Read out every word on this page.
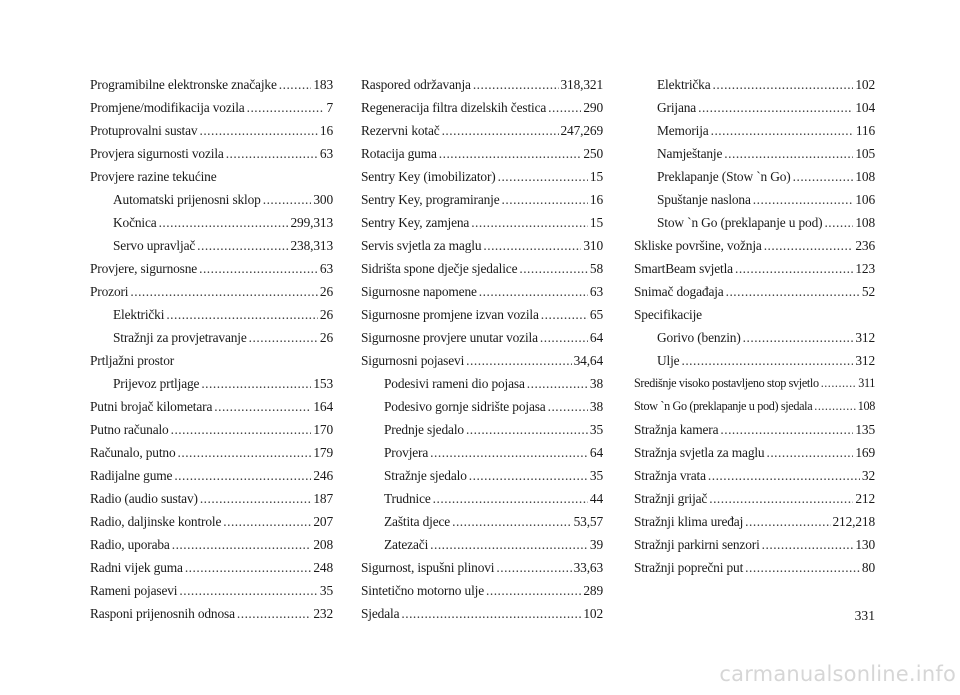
Programibilne elektronske značajke .....	183
Promjene/modifikacija vozila .....	7
Protuprovalni sustav .....	16
Provjera sigurnosti vozila .....	63
Provjere razine tekućine
Automatski prijenosni sklop .....	300
Kočnica .....	299,313
Servo upravljač .....	238,313
Provjere, sigurnosne .....	63
Prozori .....	26
Električki .....	26
Stražnji za provjetravanje .....	26
Prtljažni prostor
Prijevoz prtljage .....	153
Putni brojač kilometara .....	164
Putno računalo .....	170
Računalo, putno .....	179
Radijalne gume .....	246
Radio (audio sustav) .....	187
Radio, daljinske kontrole .....	207
Radio, uporaba .....	208
Radni vijek guma .....	248
Rameni pojasevi .....	35
Rasponi prijenosnih odnosa .....	232
Raspored održavanja .....	318,321
Regeneracija filtra dizelskih čestica .....	290
Rezervni kotač .....	247,269
Rotacija guma .....	250
Sentry Key (imobilizator) .....	15
Sentry Key, programiranje .....	16
Sentry Key, zamjena .....	15
Servis svjetla za maglu .....	310
Sidrišta spone dječje sjedalice .....	58
Sigurnosne napomene .....	63
Sigurnosne promjene izvan vozila .....	65
Sigurnosne provjere unutar vozila .....	64
Sigurnosni pojasevi .....	34,64
Podesivi rameni dio pojasa .....	38
Podesivo gornje sidrište pojasa .....	38
Prednje sjedalo .....	35
Provjera .....	64
Stražnje sjedalo .....	35
Trudnice .....	44
Zaštita djece .....	53,57
Zatezači .....	39
Sigurnost, ispušni plinovi .....	33,63
Sintetično motorno ulje .....	289
Sjedala .....	102
Električka .....	102
Grijana .....	104
Memorija .....	116
Namještanje .....	105
Preklapanje (Stow `n Go) .....	108
Spuštanje naslona .....	106
Stow `n Go (preklapanje u pod) ..... 108
Skliske površine, vožnja .....	236
SmartBeam svjetla .....	123
Snimač događaja .....	52
Specifikacije
Gorivo (benzin) .....	312
Ulje .....	312
Središnje visoko postavljeno stop svjetlo .....	311
Stow `n Go (preklapanje u pod) sjedala .....	108
Stražnja kamera .....	135
Stražnja svjetla za maglu .....	169
Stražnja vrata .....	32
Stražnji grijač .....	212
Stražnji klima uređaj .....	212,218
Stražnji parkirni senzori .....	130
Stražnji poprečni put .....	80
331
carmanualsonline.info
